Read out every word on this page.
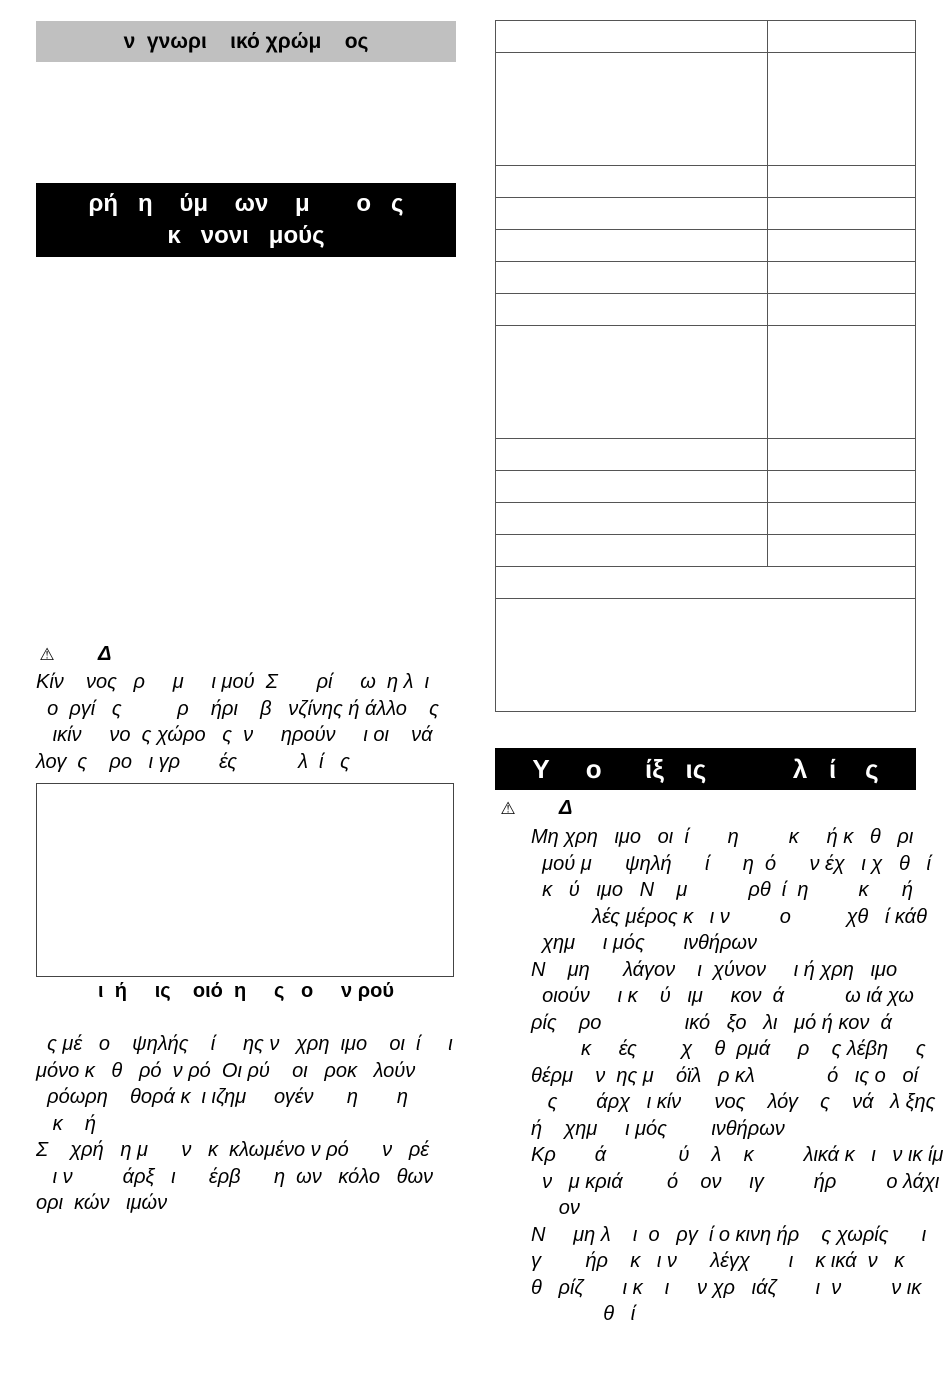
ν  γνωρι    ικό χρώμ    ος
ρή   η    ύμ    ων    μ       ο   ς
κ   νονι   μούς
⚠ Δ
Κίν    νος   ρ     μ     ι μού  Σ       ρί     ω  η λ  ι
ο  ργί   ς          ρ    ήρι    β   νζίνης ή άλλο    ς
ικίν     νο  ς χώρο   ς  ν     ηρούν     ι οι    νά
λογ  ς    ρο   ι γρ       ές           λ  ί   ς
ι  ή     ις    οιό  η     ς   ο     ν ρού
ς μέ   ο    ψηλής    ί     ης ν   χρη  ιμο    οι  ί     ι
μόνο κ   θ   ρό  ν ρό  Οι ρύ    οι   ροκ   λούν
ρόωρη    θορά κ  ι ιζημ     ογέν      η       η
κ    ή
Σ    χρή   η μ      ν   κ  κλωμένο ν ρό      ν   ρέ
ι ν         άρξ   ι      έρβ      η  ων   κόλο   θων
ορι  κών   ιμών

Υ     ο      ίξ   ις            λ   ί    ς
⚠ Δ
Μη χρη   ιμο   οι  ί       η         κ     ή κ   θ   ρι
μού μ      ψηλή      ί      η  ό      ν έχ   ι χ   θ   ί
κ   ύ   ιμο   Ν    μ           ρθ  ί  η         κ      ή
λές μέρος κ   ι ν         ο          χθ   ί κάθ
χημ     ι μός       ινθήρων
Ν    μη      λάγον    ι  χύνον     ι ή χρη   ιμο
οιούν     ι κ    ύ   ιμ     κον  ά           ω ιά χω
ρίς    ρο               ικό   ξο   λι   μό ή κον  ά
κ     ές        χ    θ  ρμά     ρ    ς λέβη     ς
θέρμ    ν  ης μ    όϊλ   ρ κλ             ό   ις ο   οί
ς       άρχ   ι κίν      νος    λόγ    ς    νά   λ ξης
ή    χημ     ι μός        ινθήρων
Κρ       ά             ύ    λ    κ         λικά κ   ι   ν ικ ίμ
ν   μ κριά        ό    ον     ιγ         ήρ         ο λάχι
ον
Ν     μη λ    ι  ο   ργ  ί ο κινη ήρ    ς χωρίς      ι
γ        ήρ    κ   ι ν      λέγχ       ι    κ ικά  ν   κ
θ   ρίζ       ι κ    ι     ν χρ   ιάζ       ι  ν         ν ικ
θ   ί
